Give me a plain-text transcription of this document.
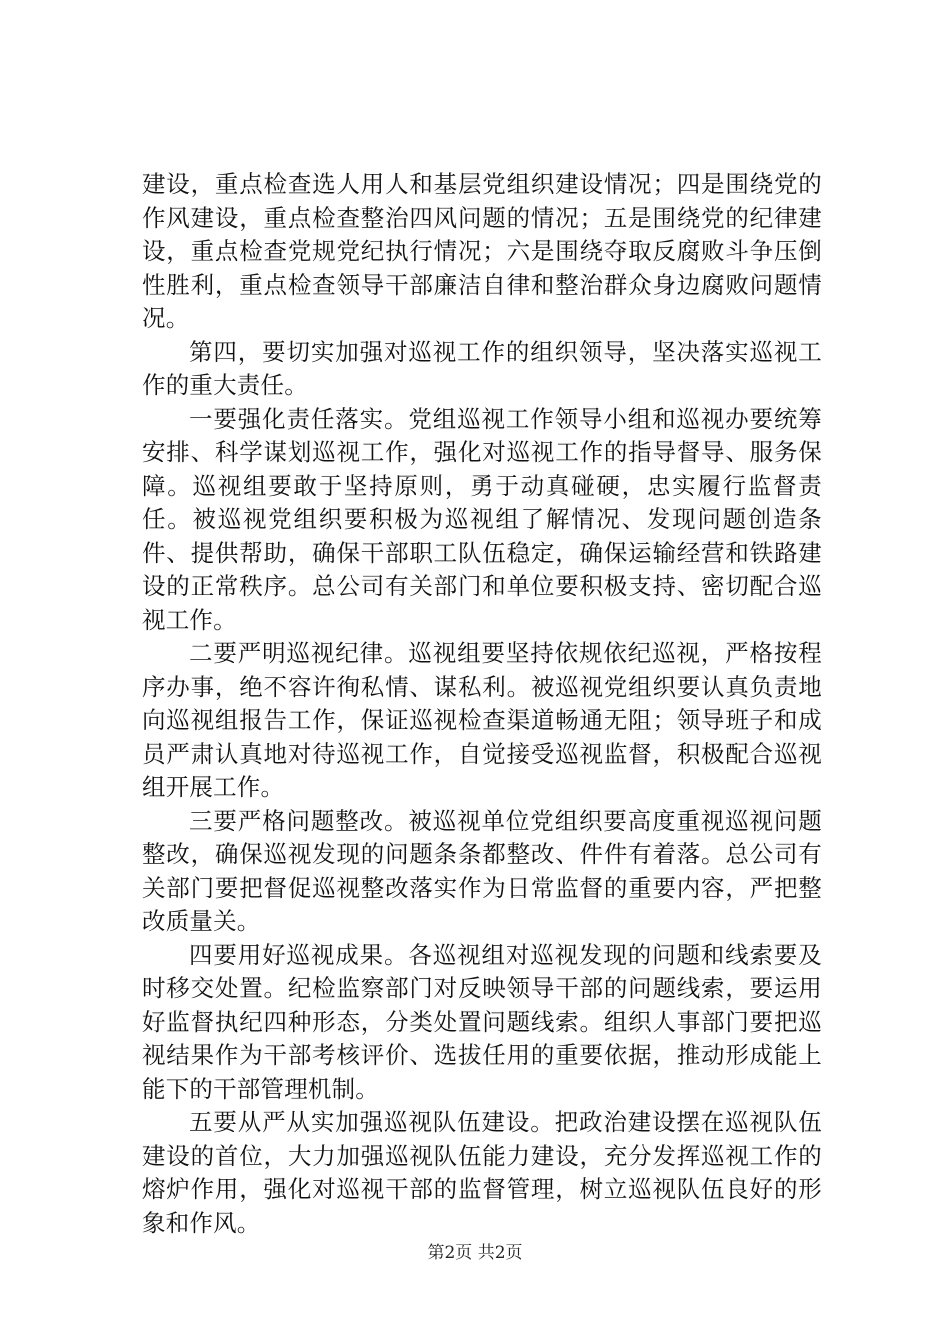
建设，重点检查选人用人和基层党组织建设情况；四是围绕党的作风建设，重点检查整治四风问题的情况；五是围绕党的纪律建设，重点检查党规党纪执行情况；六是围绕夺取反腐败斗争压倒性胜利，重点检查领导干部廉洁自律和整治群众身边腐败问题情况。

第四，要切实加强对巡视工作的组织领导，坚决落实巡视工作的重大责任。

一要强化责任落实。党组巡视工作领导小组和巡视办要统筹安排、科学谋划巡视工作，强化对巡视工作的指导督导、服务保障。巡视组要敢于坚持原则，勇于动真碰硬，忠实履行监督责任。被巡视党组织要积极为巡视组了解情况、发现问题创造条件、提供帮助，确保干部职工队伍稳定，确保运输经营和铁路建设的正常秩序。总公司有关部门和单位要积极支持、密切配合巡视工作。

二要严明巡视纪律。巡视组要坚持依规依纪巡视，严格按程序办事，绝不容许徇私情、谋私利。被巡视党组织要认真负责地向巡视组报告工作，保证巡视检查渠道畅通无阻；领导班子和成员严肃认真地对待巡视工作，自觉接受巡视监督，积极配合巡视组开展工作。

三要严格问题整改。被巡视单位党组织要高度重视巡视问题整改，确保巡视发现的问题条条都整改、件件有着落。总公司有关部门要把督促巡视整改落实作为日常监督的重要内容，严把整改质量关。

四要用好巡视成果。各巡视组对巡视发现的问题和线索要及时移交处置。纪检监察部门对反映领导干部的问题线索，要运用好监督执纪四种形态，分类处置问题线索。组织人事部门要把巡视结果作为干部考核评价、选拔任用的重要依据，推动形成能上能下的干部管理机制。

五要从严从实加强巡视队伍建设。把政治建设摆在巡视队伍建设的首位，大力加强巡视队伍能力建设，充分发挥巡视工作的熔炉作用，强化对巡视干部的监督管理，树立巡视队伍良好的形象和作风。

第2页 共2页
